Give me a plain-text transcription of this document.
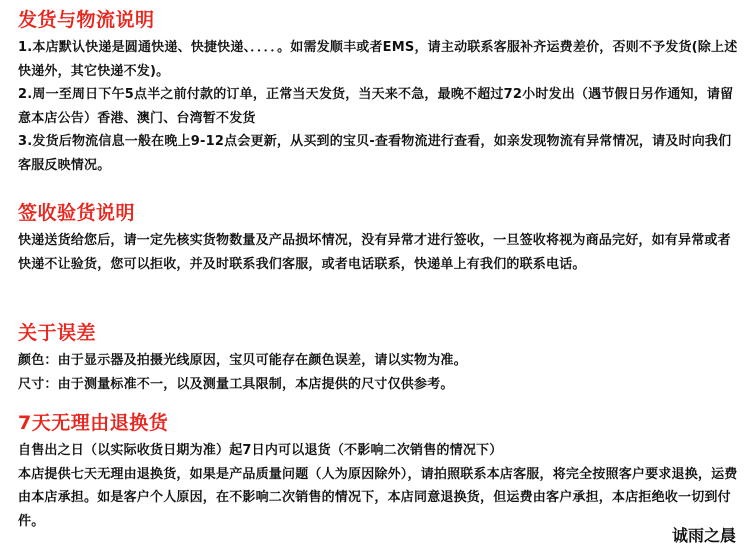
发货与物流说明

1.本店默认快递是圆通快递、快捷快递、．．．．。如需发顺丰或者EMS，请主动联系客服补齐运费差价，否则不予发货(除上述快递外，其它快递不发)。

2.周一至周日下午5点半之前付款的订单，正常当天发货，当天来不急，最晚不超过72小时发出（遇节假日另作通知，请留意本店公告）香港、澳门、台湾暂不发货

3.发货后物流信息一般在晚上9-12点会更新，从买到的宝贝-查看物流进行查看，如亲发现物流有异常情况，请及时向我们客服反映情况。

签收验货说明

快递送货给您后，请一定先核实货物数量及产品损坏情况，没有异常才进行签收，一旦签收将视为商品完好，如有异常或者快递不让验货，您可以拒收，并及时联系我们客服，或者电话联系，快递单上有我们的联系电话。

关于误差

颜色：由于显示器及拍摄光线原因，宝贝可能存在颜色误差，请以实物为准。

尺寸：由于测量标准不一，以及测量工具限制，本店提供的尺寸仅供参考。

7天无理由退换货

自售出之日（以实际收货日期为准）起7日内可以退货（不影响二次销售的情况下）

本店提供七天无理由退换货，如果是产品质量问题（人为原因除外），请拍照联系本店客服，将完全按照客户要求退换，运费由本店承担。如是客户个人原因，在不影响二次销售的情况下，本店同意退换货，但运费由客户承担，本店拒绝收一切到付件。

诚雨之晨
